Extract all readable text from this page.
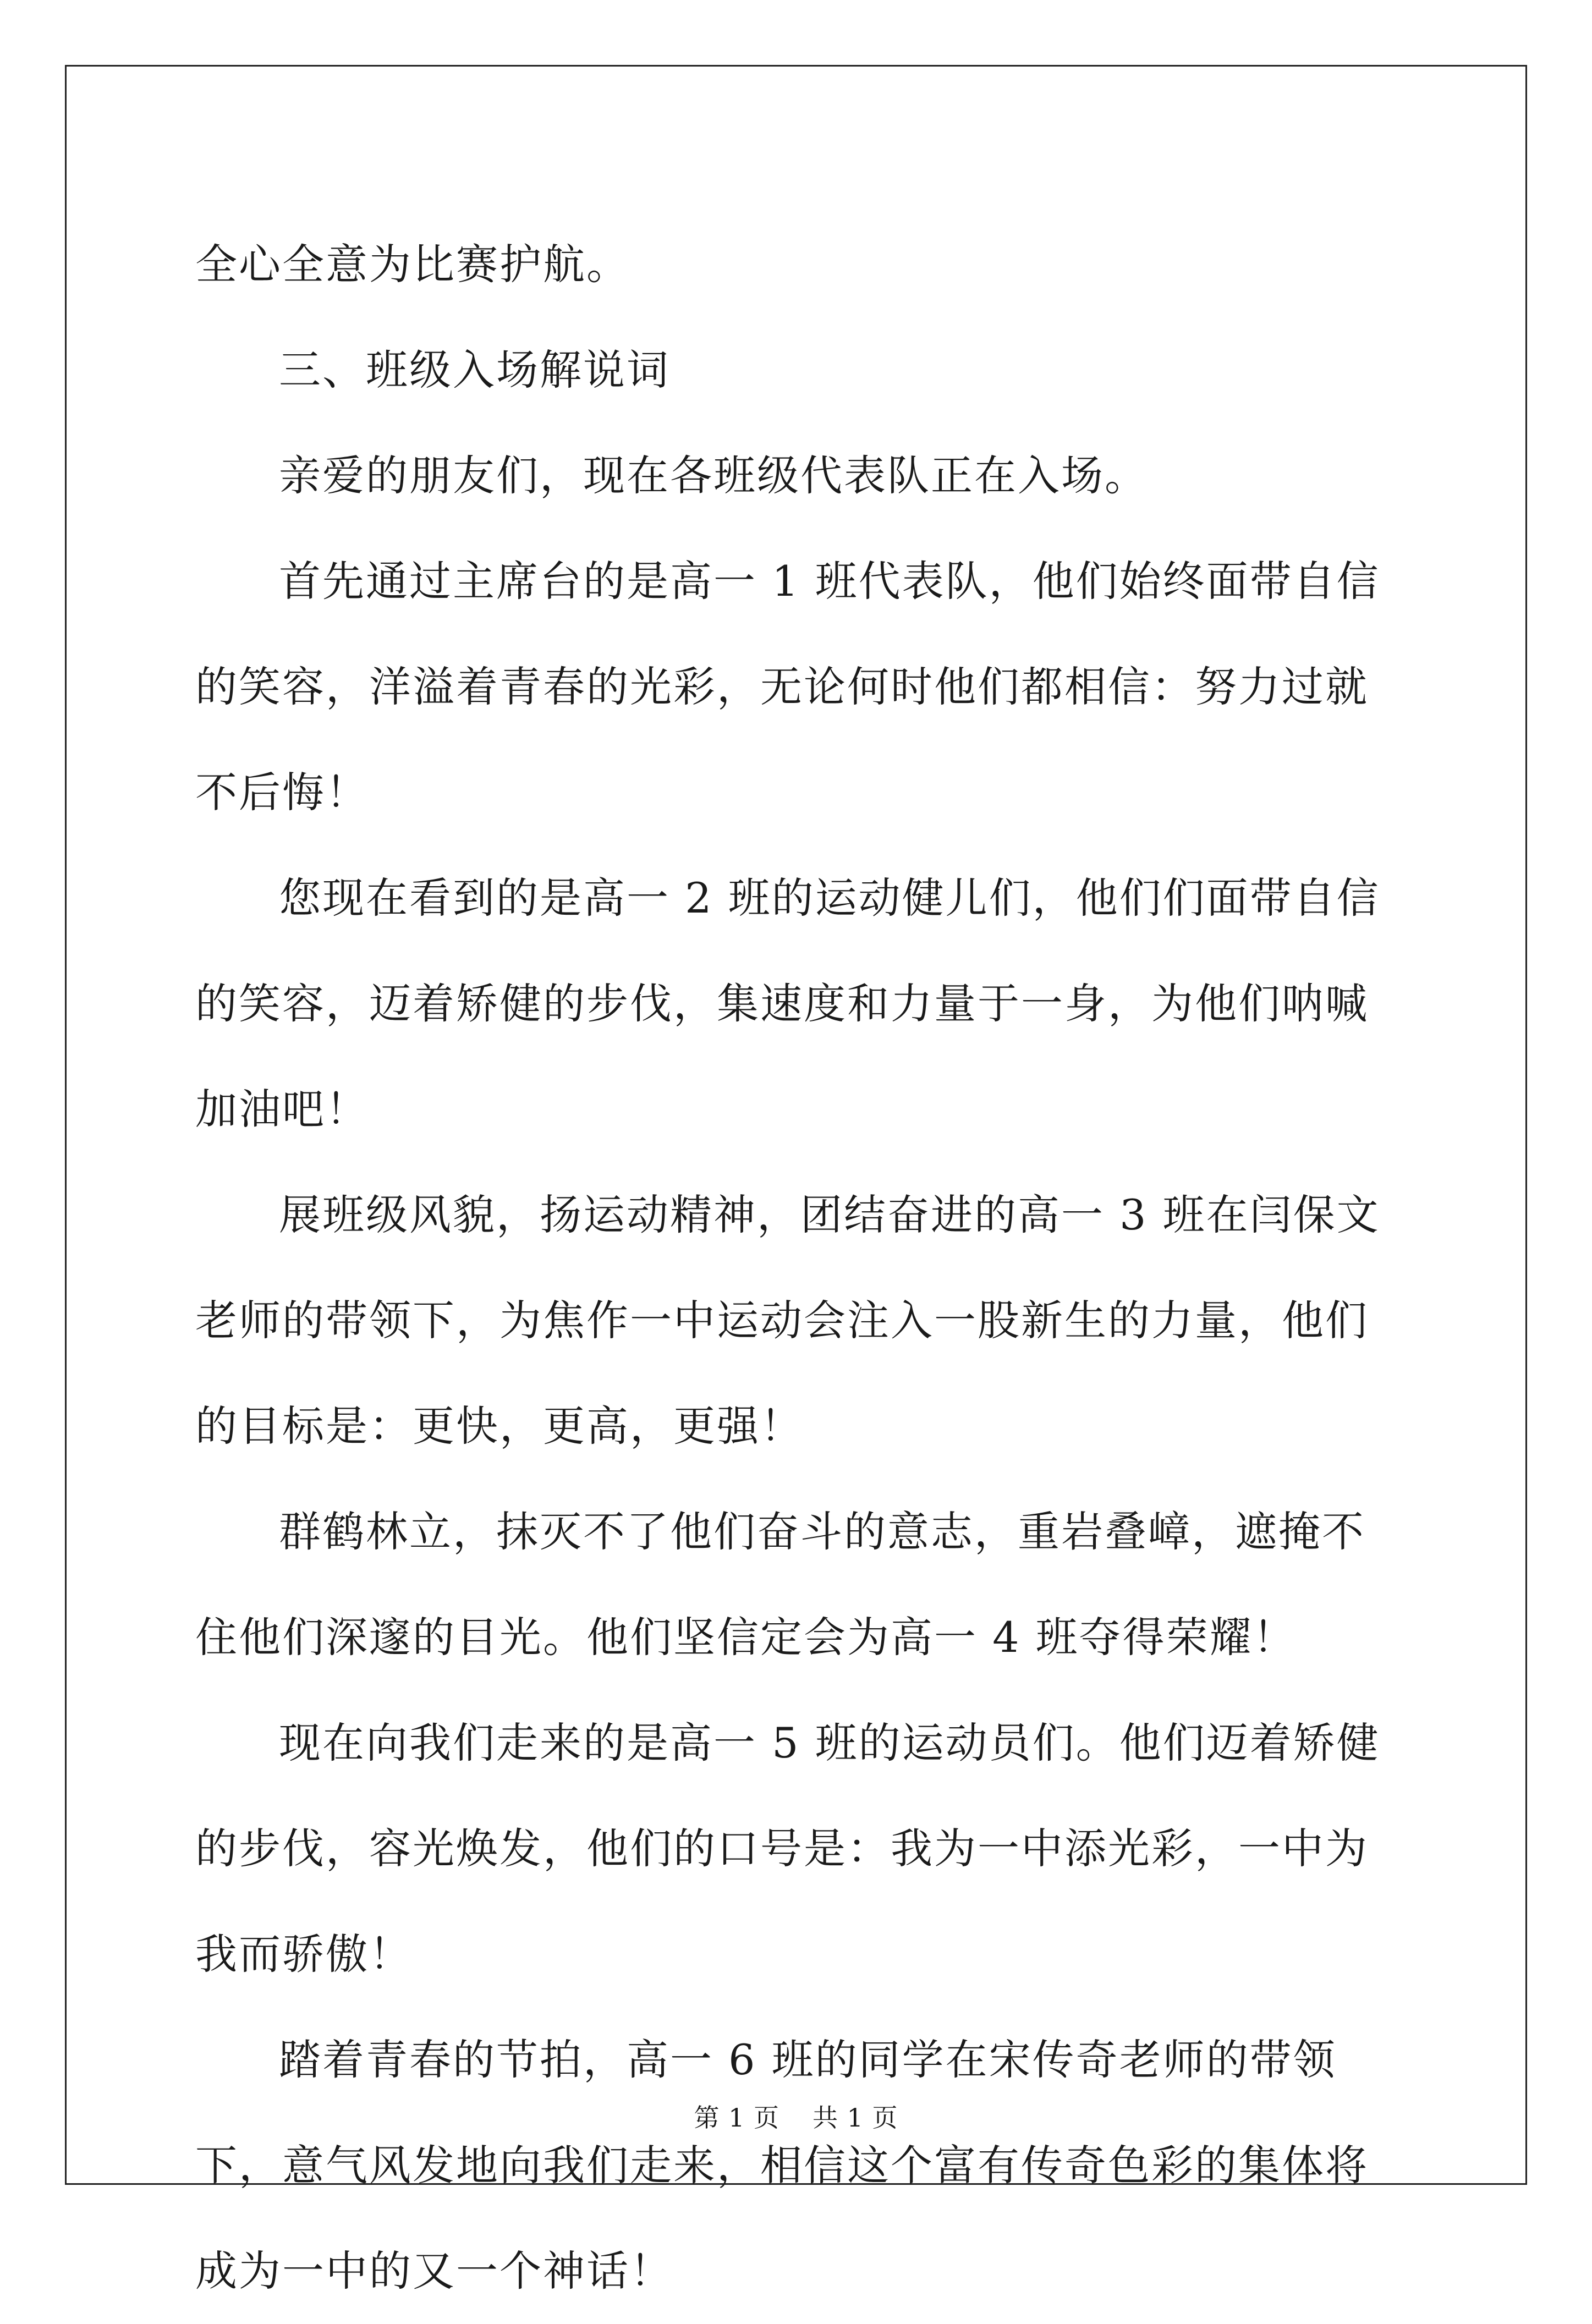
全心全意为比赛护航。

三、班级入场解说词

亲爱的朋友们，现在各班级代表队正在入场。

首先通过主席台的是高一 1 班代表队，他们始终面带自信的笑容，洋溢着青春的光彩，无论何时他们都相信：努力过就不后悔！

您现在看到的是高一 2 班的运动健儿们，他们们面带自信的笑容，迈着矫健的步伐，集速度和力量于一身，为他们呐喊加油吧！

展班级风貌，扬运动精神，团结奋进的高一 3 班在闫保文老师的带领下，为焦作一中运动会注入一股新生的力量，他们的目标是：更快，更高，更强！

群鹤林立，抹灭不了他们奋斗的意志，重岩叠嶂，遮掩不住他们深邃的目光。他们坚信定会为高一 4 班夺得荣耀！

现在向我们走来的是高一 5 班的运动员们。他们迈着矫健的步伐，容光焕发，他们的口号是：我为一中添光彩，一中为我而骄傲！

踏着青春的节拍，高一 6 班的同学在宋传奇老师的带领下，意气风发地向我们走来，相信这个富有传奇色彩的集体将成为一中的又一个神话！

第 1 页 共 1 页
